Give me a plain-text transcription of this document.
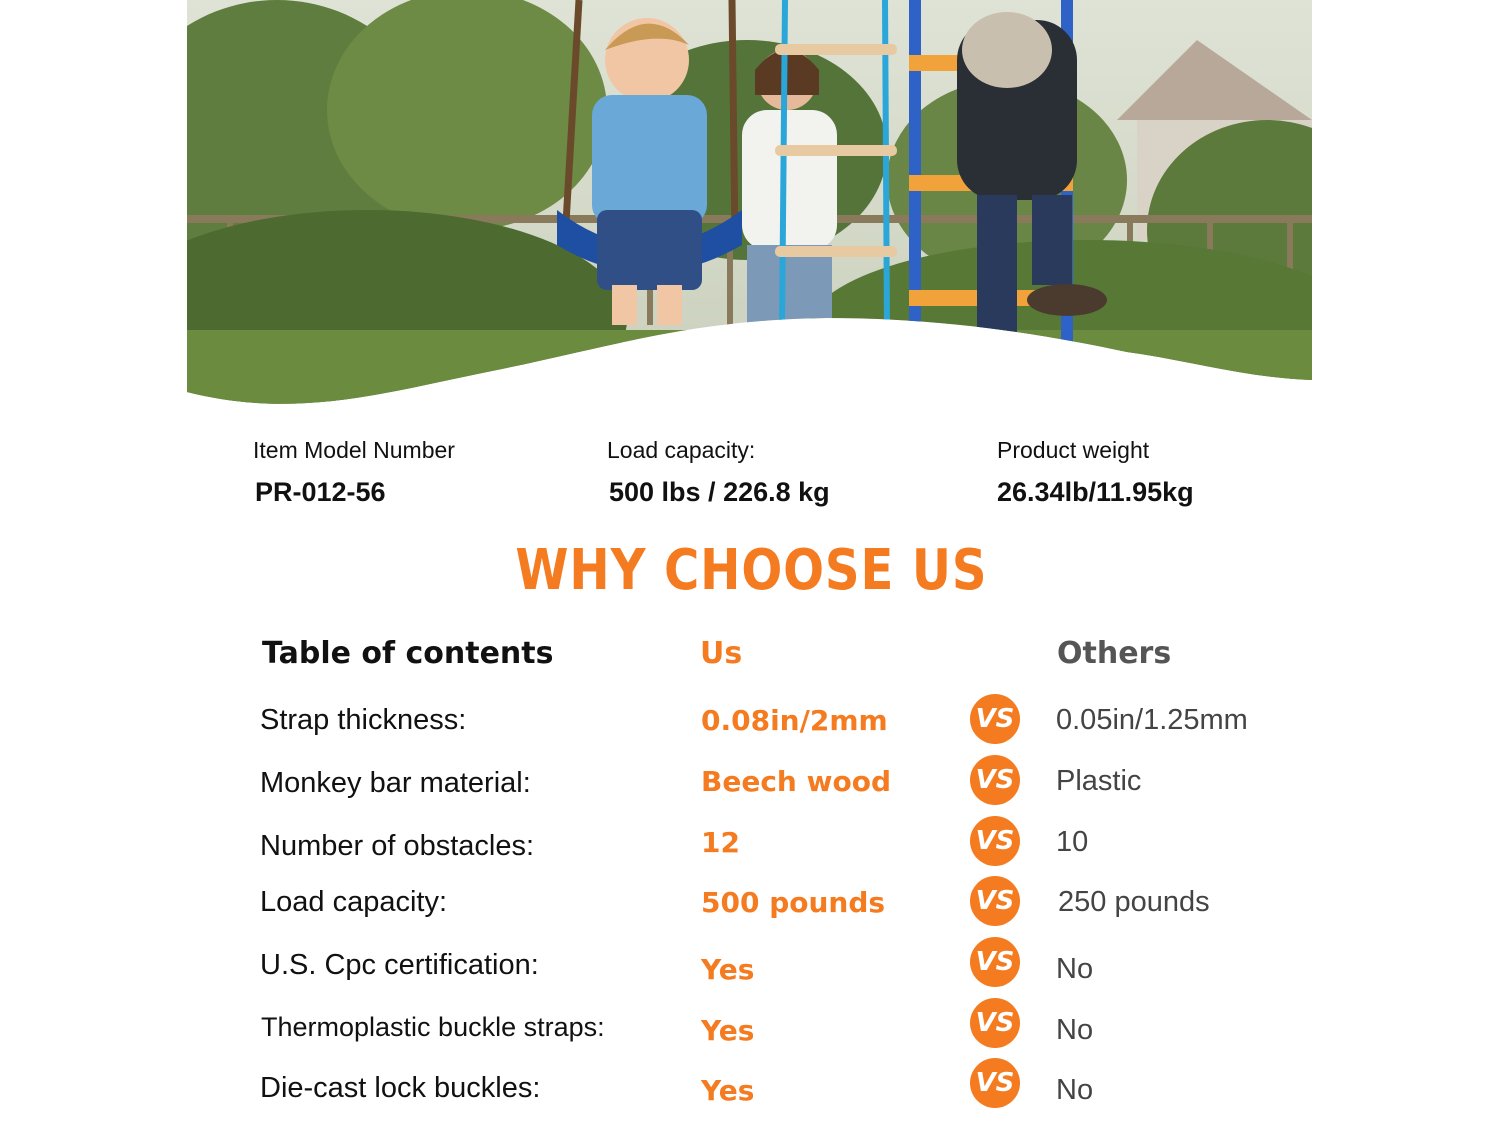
Item Model Number
PR-012-56
Load capacity:
500 lbs / 226.8 kg
Product weight
26.34lb/11.95kg
WHY CHOOSE US
Table of contents	Us	Others
Strap thickness:	0.08in/2mm	VS 0.05in/1.25mm
Monkey bar material:	Beech wood	VS Plastic
Number of obstacles:	12	VS 10
Load capacity:	500 pounds	VS 250 pounds
U.S. Cpc certification:	Yes	VS No
Thermoplastic buckle straps:	Yes	VS No
Die-cast lock buckles:	Yes	VS No
